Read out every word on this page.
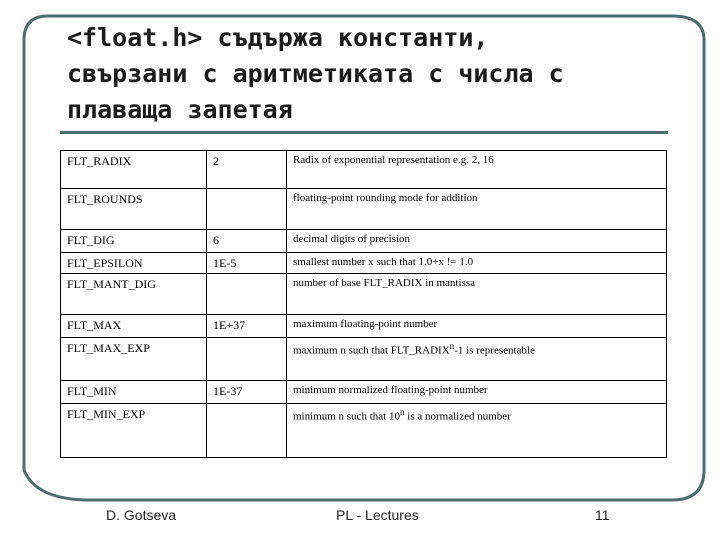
<float.h> съдържа константи,
свързани с аритметиката с числа с
плаваща запетая
FLT_RADIX	2	Radix of exponential representation e.g. 2, 16
FLT_ROUNDS		floating-point rounding mode for addition
FLT_DIG	6	decimal digits of precision
FLT_EPSILON	1E-5	smallest number x such that 1.0+x != 1.0
FLT_MANT_DIG		number of base FLT_RADIX in mantissa
FLT_MAX	1E+37	maximum floating-point number
FLT_MAX_EXP		maximum n such that FLT_RADIX$^n$-1 is representable
FLT_MIN	1E-37	minimum normalized floating-point number
FLT_MIN_EXP		minimum n such that 10$^n$ is a normalized number
D. Gotseva	PL - Lectures	11
